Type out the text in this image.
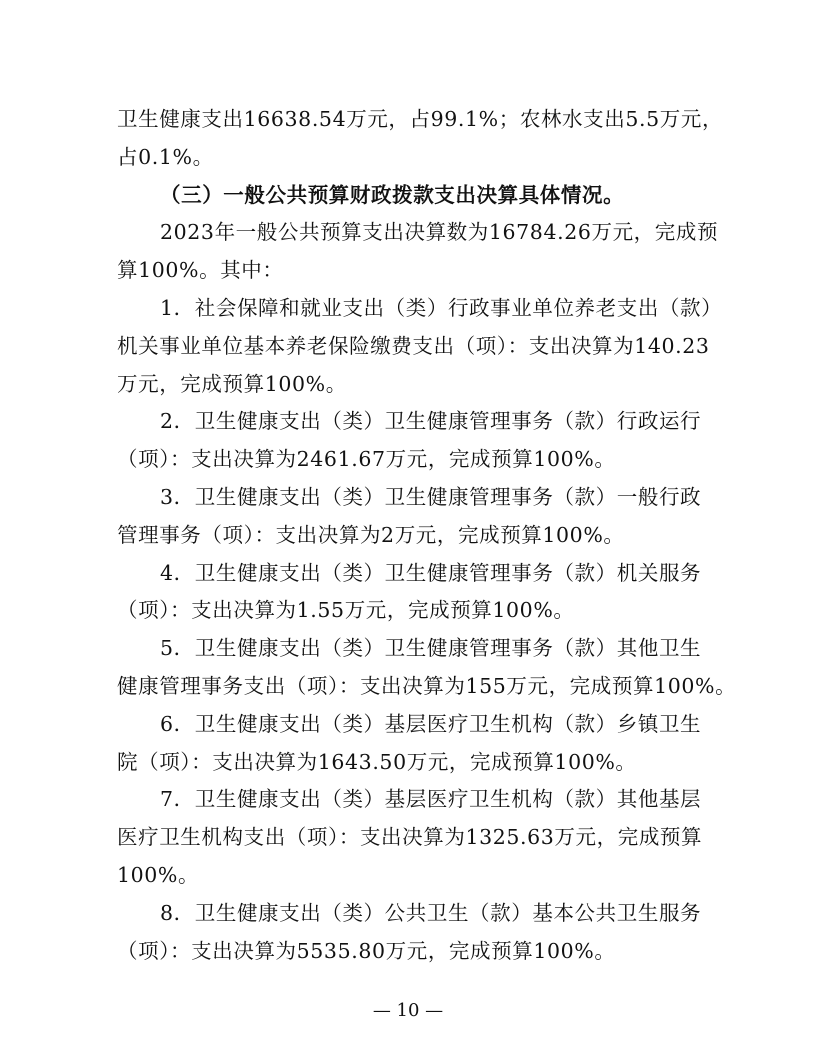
卫生健康支出16638.54万元，占99.1%；农林水支出5.5万元，
占0.1%。
（三）一般公共预算财政拨款支出决算具体情况。
2023年一般公共预算支出决算数为16784.26万元，完成预
算100%。其中：
1．社会保障和就业支出（类）行政事业单位养老支出（款）
机关事业单位基本养老保险缴费支出（项）：支出决算为140.23
万元，完成预算100%。
2．卫生健康支出（类）卫生健康管理事务（款）行政运行
（项）：支出决算为2461.67万元，完成预算100%。
3．卫生健康支出（类）卫生健康管理事务（款）一般行政
管理事务（项）：支出决算为2万元，完成预算100%。
4．卫生健康支出（类）卫生健康管理事务（款）机关服务
（项）：支出决算为1.55万元，完成预算100%。
5．卫生健康支出（类）卫生健康管理事务（款）其他卫生
健康管理事务支出（项）：支出决算为155万元，完成预算100%。
6．卫生健康支出（类）基层医疗卫生机构（款）乡镇卫生
院（项）：支出决算为1643.50万元，完成预算100%。
7．卫生健康支出（类）基层医疗卫生机构（款）其他基层
医疗卫生机构支出（项）：支出决算为1325.63万元，完成预算
100%。
8．卫生健康支出（类）公共卫生（款）基本公共卫生服务
（项）：支出决算为5535.80万元，完成预算100%。
— 10 —
